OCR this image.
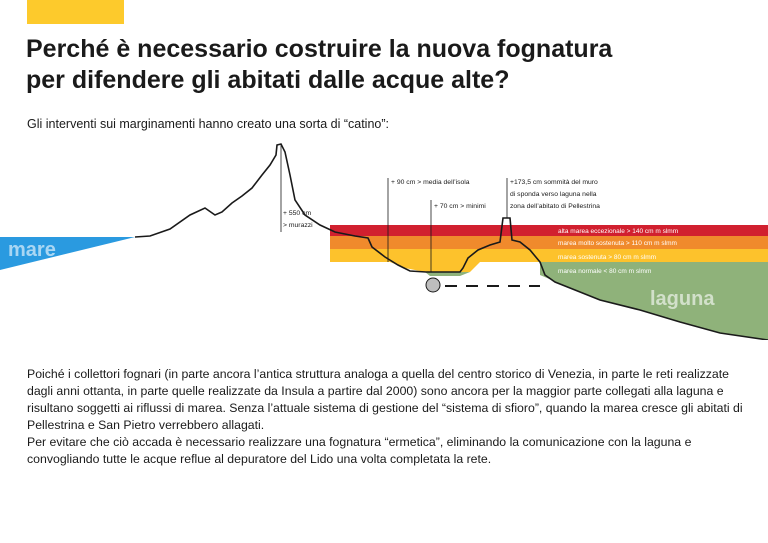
Perché è necessario costruire la nuova fognatura
per difendere gli abitati dalle acque alte?

Gli interventi sui marginamenti hanno creato una sorta di “catino”:

+ 550 cm
> murazzi
+ 90 cm > media dell’isola
+ 70 cm > minimi
+173,5 cm sommità del muro
di sponda verso laguna nella
zona dell’abitato di Pellestrina
alta marea eccezionale > 140 cm m slmm
marea molto sostenuta > 110 cm m slmm
marea sostenuta > 80 cm m slmm
marea normale < 80 cm m slmm
mare
laguna

Poiché i collettori fognari (in parte ancora l’antica struttura analoga a quella del centro storico di Venezia, in parte le reti realizzate
dagli anni ottanta, in parte quelle realizzate da Insula a partire dal 2000) sono ancora per la maggior parte collegati alla laguna e
risultano soggetti ai riflussi di marea. Senza l’attuale sistema di gestione del “sistema di sfioro”, quando la marea cresce gli abitati di
Pellestrina e San Pietro verrebbero allagati.
Per evitare che ciò accada è necessario realizzare una fognatura “ermetica”, eliminando la comunicazione con la laguna e
convogliando tutte le acque reflue al depuratore del Lido una volta completata la rete.
